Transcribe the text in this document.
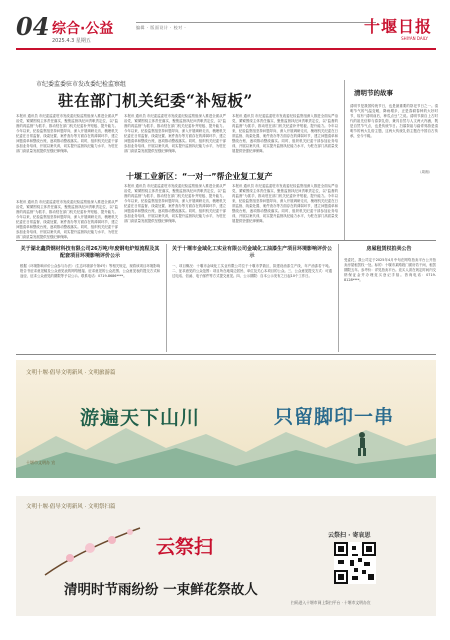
04 综合·公益
2025.4.3 星期五
编辑 · 版面设计 · 校对 ·	十堰日报
SHIYAN DAILY
市纪委监委驻市发改委纪检监察组
驻在部门机关纪委“补短板”
本报讯 通讯员 市纪委监委驻市发改委纪检监察组深入推进全面从严治党，紧紧围绕主体责任落实，聚焦监督执纪问责职责定位，以“监督的再监督”为抓手，推动驻在部门机关纪委补齐短板、提升能力。今年以来，纪检监察组坚持问题导向，深入开展调研走访，梳理机关纪委在日常监督、线索处置、案件查办等方面存在的薄弱环节，建立问题清单和整改台账，逐项推动整改落实。同时，组织机关纪委干部参加业务培训，开展以案代训，切实提升监督执纪能力水平，为驻在部门高质量发展提供坚强纪律保障。
本报讯 通讯员 市纪委监委驻市发改委纪检监察组深入推进全面从严治党，紧紧围绕主体责任落实，聚焦监督执纪问责职责定位，以“监督的再监督”为抓手，推动驻在部门机关纪委补齐短板、提升能力。今年以来，纪检监察组坚持问题导向，深入开展调研走访，梳理机关纪委在日常监督、线索处置、案件查办等方面存在的薄弱环节，建立问题清单和整改台账，逐项推动整改落实。同时，组织机关纪委干部参加业务培训，开展以案代训，切实提升监督执纪能力水平，为驻在部门高质量发展提供坚强纪律保障。
本报讯 通讯员 市纪委监委驻市发改委纪检监察组深入推进全面从严治党，紧紧围绕主体责任落实，聚焦监督执纪问责职责定位，以“监督的再监督”为抓手，推动驻在部门机关纪委补齐短板、提升能力。今年以来，纪检监察组坚持问题导向，深入开展调研走访，梳理机关纪委在日常监督、线索处置、案件查办等方面存在的薄弱环节，建立问题清单和整改台账，逐项推动整改落实。同时，组织机关纪委干部参加业务培训，开展以案代训，切实提升监督执纪能力水平，为驻在部门高质量发展提供坚强纪律保障。
本报讯 通讯员 市纪委监委驻市发改委纪检监察组深入推进全面从严治党，紧紧围绕主体责任落实，聚焦监督执纪问责职责定位，以“监督的再监督”为抓手，推动驻在部门机关纪委补齐短板、提升能力。今年以来，纪检监察组坚持问题导向，深入开展调研走访，梳理机关纪委在日常监督、线索处置、案件查办等方面存在的薄弱环节，建立问题清单和整改台账，逐项推动整改落实。同时，组织机关纪委干部参加业务培训，开展以案代训，切实提升监督执纪能力水平，为驻在部门高质量发展提供坚强纪律保障。
十堰工业新区：“一对一”帮企业复工复产
本报讯 通讯员 市纪委监委驻市发改委纪检监察组深入推进全面从严治党，紧紧围绕主体责任落实，聚焦监督执纪问责职责定位，以“监督的再监督”为抓手，推动驻在部门机关纪委补齐短板、提升能力。今年以来，纪检监察组坚持问题导向，深入开展调研走访，梳理机关纪委在日常监督、线索处置、案件查办等方面存在的薄弱环节，建立问题清单和整改台账，逐项推动整改落实。同时，组织机关纪委干部参加业务培训，开展以案代训，切实提升监督执纪能力水平，为驻在部门高质量发展提供坚强纪律保障。
本报讯 通讯员 市纪委监委驻市发改委纪检监察组深入推进全面从严治党，紧紧围绕主体责任落实，聚焦监督执纪问责职责定位，以“监督的再监督”为抓手，推动驻在部门机关纪委补齐短板、提升能力。今年以来，纪检监察组坚持问题导向，深入开展调研走访，梳理机关纪委在日常监督、线索处置、案件查办等方面存在的薄弱环节，建立问题清单和整改台账，逐项推动整改落实。同时，组织机关纪委干部参加业务培训，开展以案代训，切实提升监督执纪能力水平，为驻在部门高质量发展提供坚强纪律保障。
清明节的故事
清明节是我国传统节日，也是最重要的祭祀节日之一。清明节气的气温变暖，降雨增多，正是春耕春种的大好时节，故有“清明前后，种瓜点豆”之说。清明节源自上古时代的祖先信仰与春祭礼俗，兼具自然与人文两大内涵，既是自然节气点，也是传统节日。扫墓祭祖与踏青郊游是清明节的两大礼俗主题，这两大传统礼俗主题在中国自古传承，至今不辍。
（周湘）
关于湖北鑫资钢材科技有限公司26万吨/年废钢电炉短流程及其配套项目环境影响评价公示
根据《环境影响评价公众参与办法》（生态环境部令第4号）等相关规定，现将该项目环境影响报告书征求意见稿及公众意见表的网络链接、征求意见的公众范围、公众意见表的提交方式和途径、征求公众意见的期限等予以公示。联系电话：0719-8686****。
关于十堰市金域化工实业有限公司金域化工油漆生产项目环境影响评价公示
一、项目概况：十堰市金域化工实业有限公司位于十堰市茅箭区，拟建设油漆生产线，年产油漆若干吨。二、征求意见的公众范围：项目所在地周边居民、单位及关心本项目的公众。三、公众意见提交方式：可通过电话、信函、电子邮件等方式提交意见。四、公示期限：自本公示发布之日起10个工作日。
房屋租赁权拍卖公告
受委托，我公司定于2025年4月中旬在网络拍卖平台公开拍卖房屋租赁权一处。标的：十堰市某路段门面房若干间，租赁期限五年。参考价：详见拍卖平台。竞买人须在规定时间内交纳保证金并办理竞买登记手续。咨询电话：0719-8128****。
文明十堰·倡导文明新风 · 文明旅游篇
游遍天下山川	只留脚印一串
十堰市文明办 宣
文明十堰·倡导文明新风 · 文明祭扫篇
云祭扫
清明时节雨纷纷 一束鲜花祭故人
云祭扫 · 寄哀思
扫码进入十堰市网上祭扫平台 · 十堰市文明办宣
